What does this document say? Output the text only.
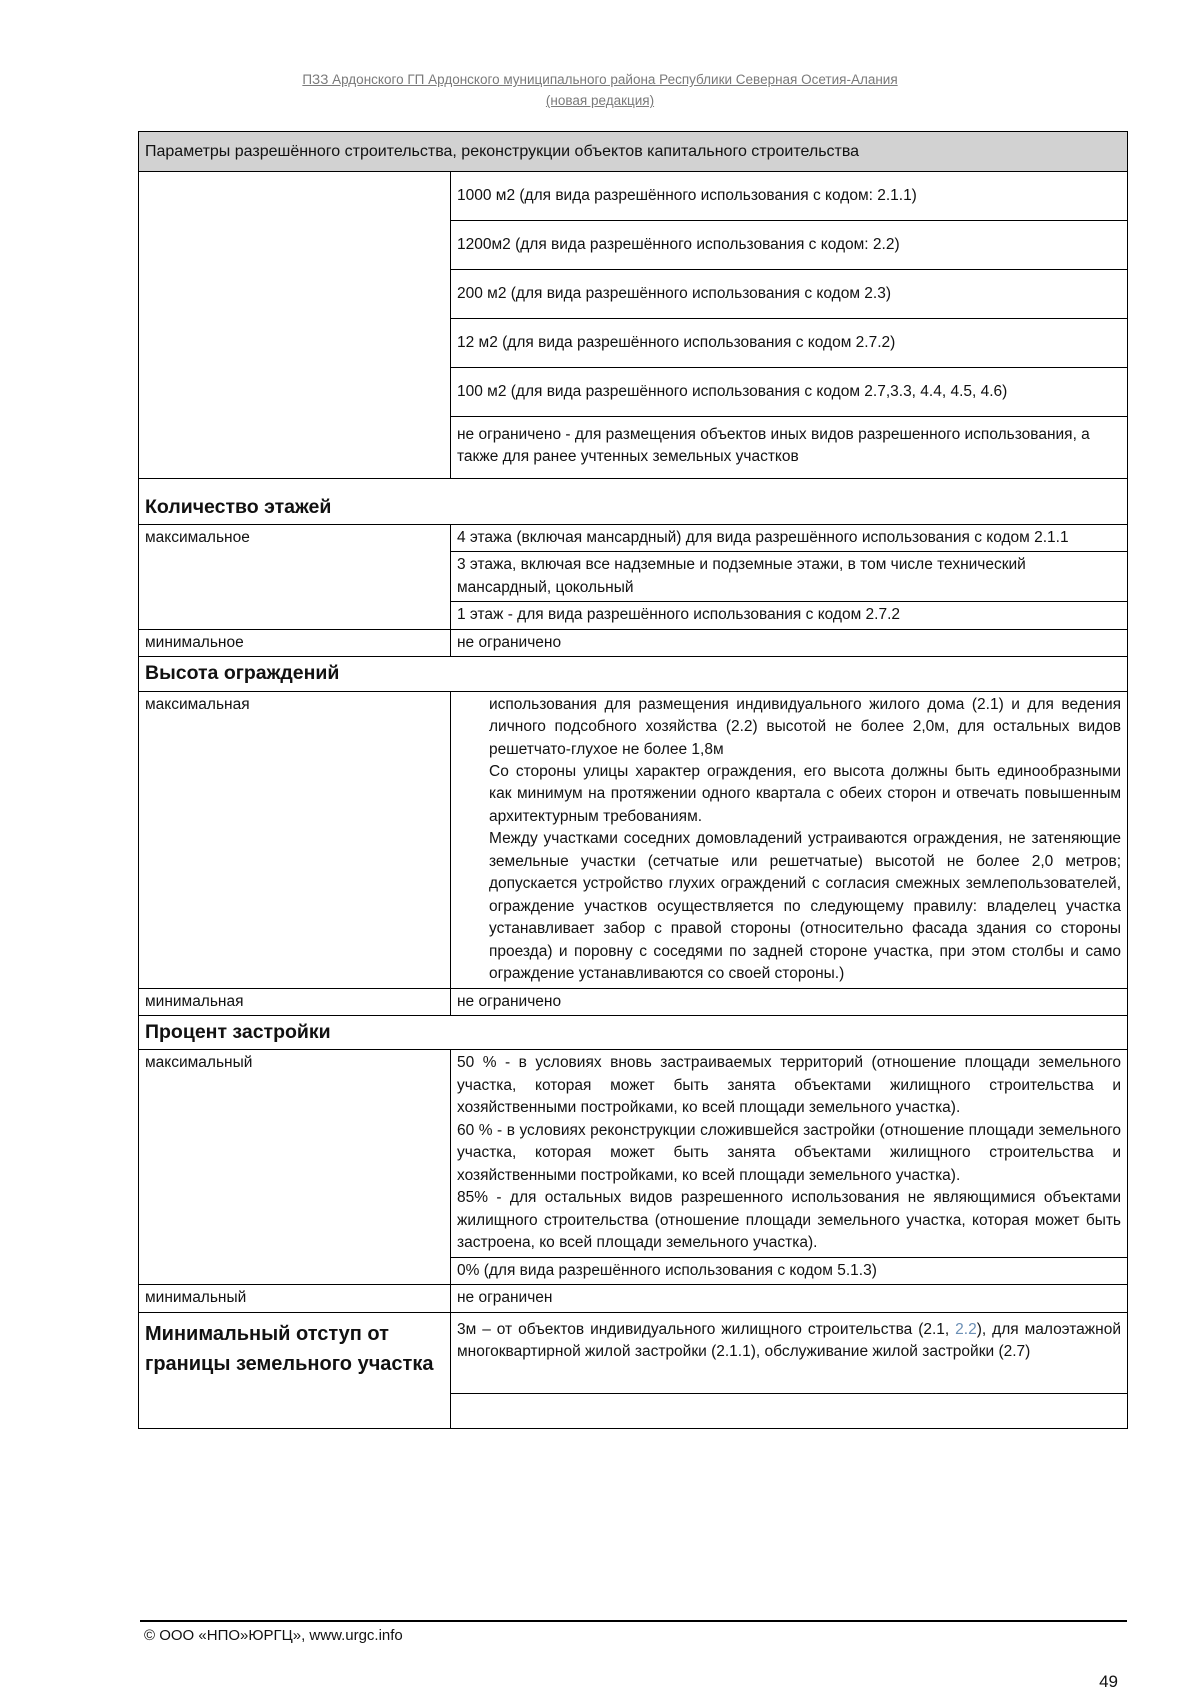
ПЗЗ Ардонского ГП Ардонского муниципального района Республики Северная Осетия-Алания
(новая редакция)
Параметры разрешённого строительства, реконструкции объектов капитального строительства	
	1000 м2 (для вида разрешённого использования с кодом: 2.1.1)
	1200м2 (для вида разрешённого использования с кодом: 2.2)
	200 м2 (для вида разрешённого использования с кодом 2.3)
	12 м2 (для вида разрешённого использования с кодом 2.7.2)
	100 м2 (для вида разрешённого использования с кодом 2.7,3.3, 4.4, 4.5, 4.6)
	не ограничено - для размещения объектов иных видов разрешенного использования, а также для ранее учтенных земельных участков
Количество этажей	
максимальное	4 этажа (включая мансардный) для вида разрешённого использования с кодом 2.1.1
	3 этажа, включая все надземные и подземные этажи, в том числе технический мансардный, цокольный
	1 этаж - для вида разрешённого использования с кодом 2.7.2
минимальное	не ограничено
Высота ограждений	
максимальная	использования для размещения индивидуального жилого дома (2.1) и для ведения личного подсобного хозяйства (2.2) высотой не более 2,0м, для остальных видов решетчато-глухое не более 1,8м

Со стороны улицы характер ограждения, его высота должны быть единообразными как минимум на протяжении одного квартала с обеих сторон и отвечать повышенным архитектурным требованиям.

Между участками соседних домовладений устраиваются ограждения, не затеняющие земельные участки (сетчатые или решетчатые) высотой не более 2,0 метров; допускается устройство глухих ограждений с согласия смежных землепользователей, ограждение участков осуществляется по следующему правилу: владелец участка устанавливает забор с правой стороны (относительно фасада здания со стороны проезда) и поровну с соседями по задней стороне участка, при этом столбы и само ограждение устанавливаются со своей стороны.)

минимальная	не ограничено
Процент застройки	
максимальный	50 % - в условиях вновь застраиваемых территорий (отношение площади земельного участка, которая может быть занята объектами жилищного строительства и хозяйственными постройками, ко всей площади земельного участка).

60 % - в условиях реконструкции сложившейся застройки (отношение площади земельного участка, которая может быть занята объектами жилищного строительства и хозяйственными постройками, ко всей площади земельного участка).

85% - для остальных видов разрешенного использования не являющимися объектами жилищного строительства (отношение площади земельного участка, которая может быть застроена, ко всей площади земельного участка).

	0% (для вида разрешённого использования с кодом 5.1.3)
минимальный	не ограничен
Минимальный отступ от границы земельного участка	3м – от объектов индивидуального жилищного строительства (2.1, 2.2), для малоэтажной многоквартирной жилой застройки (2.1.1), обслуживание жилой застройки (2.7)

© ООО «НПО»ЮРГЦ», www.urgc.info
49
